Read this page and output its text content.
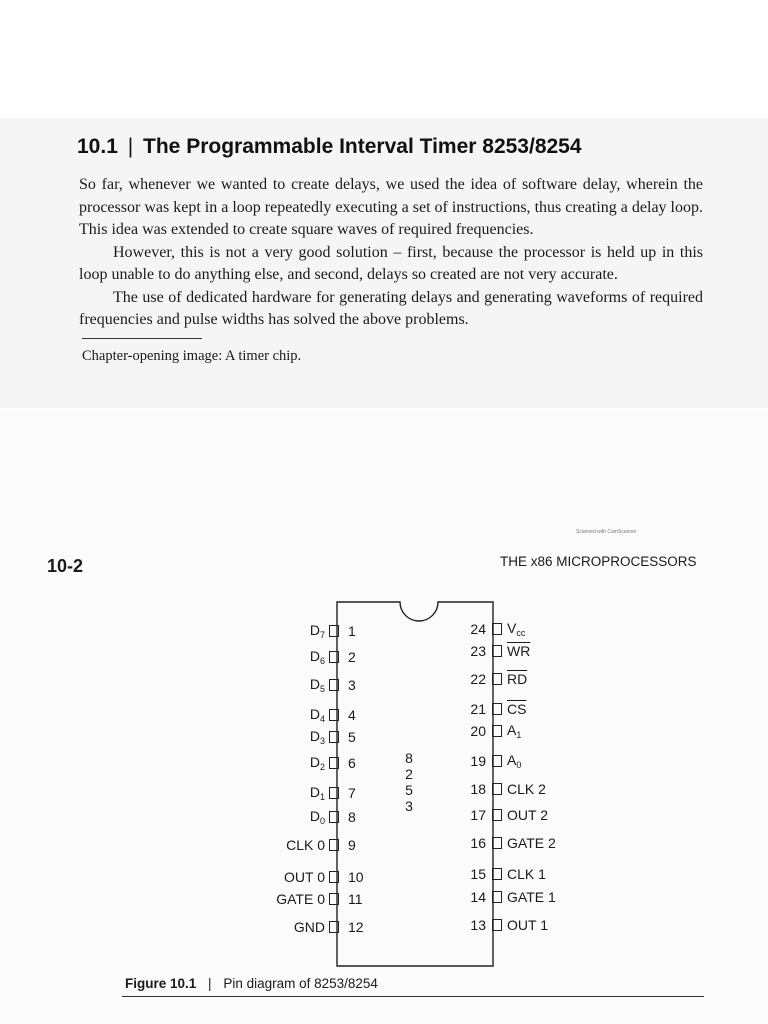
10.1 | The Programmable Interval Timer 8253/8254

So far, whenever we wanted to create delays, we used the idea of software delay, wherein the processor was kept in a loop repeatedly executing a set of instructions, thus creating a delay loop. This idea was extended to create square waves of required frequencies.

However, this is not a very good solution – first, because the processor is held up in this loop unable to do anything else, and second, delays so created are not very accurate.

The use of dedicated hardware for generating delays and generating waveforms of required frequencies and pulse widths has solved the above problems.

Chapter-opening image: A timer chip.
Scanned with CamScanner
10-2	THE x86 MICROPROCESSORS
8
2
5
3
$D_7$ 1
$D_6$ 2
$D_5$ 3
$D_4$ 4
$D_3$ 5
$D_2$ 6
$D_1$ 7
$D_0$ 8
CLK 0 9
OUT 0 10
GATE 0 11
GND 12
24 $V_{cc}$
23 $\overline{WR}$
22 $\overline{RD}$
21 $\overline{CS}$
20 $A_1$
19 $A_0$
18 CLK 2
17 OUT 2
16 GATE 2
15 CLK 1
14 GATE 1
13 OUT 1
Figure 10.1 | Pin diagram of 8253/8254
